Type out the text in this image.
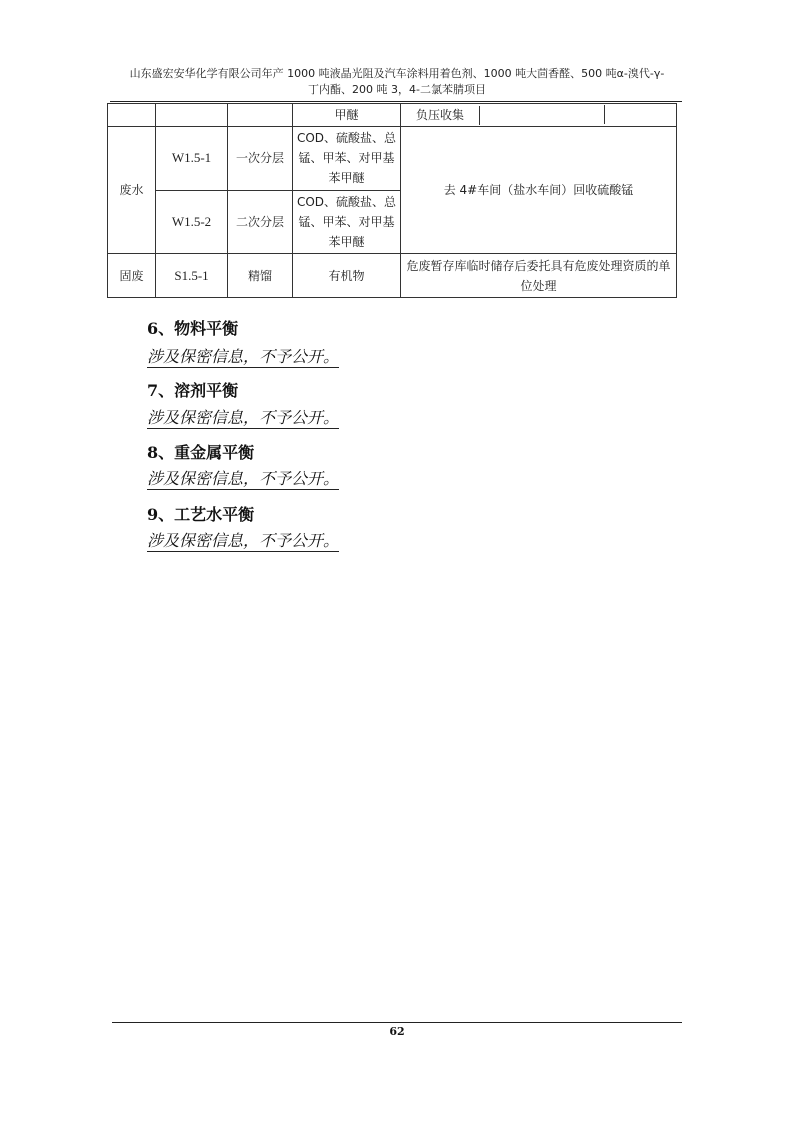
山东盛宏安华化学有限公司年产 1000 吨液晶光阻及汽车涂料用着色剂、1000 吨大茴香醛、500 吨α-溴代-γ-
丁内酯、200 吨 3，4-二氯苯腈项目
			甲醚	负压收集
废水	W1.5-1	一次分层	COD、硫酸盐、总锰、甲苯、对甲基苯甲醚	去 4#车间（盐水车间）回收硫酸锰
	W1.5-2	二次分层	COD、硫酸盐、总锰、甲苯、对甲基苯甲醚	
固废	S1.5-1	精馏	有机物	危废暂存库临时储存后委托具有危废处理资质的单位处理
6、物料平衡
涉及保密信息，不予公开。
7、溶剂平衡
涉及保密信息，不予公开。
8、重金属平衡
涉及保密信息，不予公开。
9、工艺水平衡
涉及保密信息，不予公开。
62
